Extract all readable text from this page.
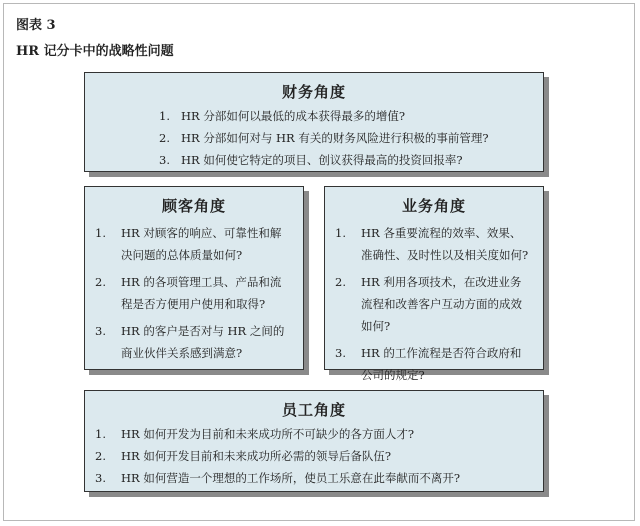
图表 3
HR 记分卡中的战略性问题
财务角度
1. HR 分部如何以最低的成本获得最多的增值?
2. HR 分部如何对与 HR 有关的财务风险进行积极的事前管理?
3. HR 如何使它特定的项目、创议获得最高的投资回报率?
顾客角度
1.	HR 对顾客的响应、可靠性和解决问题的总体质量如何?
2.	HR 的各项管理工具、产品和流程是否方便用户使用和取得?
3.	HR 的客户是否对与 HR 之间的商业伙伴关系感到满意?
业务角度
1.	HR 各重要流程的效率、效果、准确性、及时性以及相关度如何?
2.	HR 利用各项技术，在改进业务流程和改善客户互动方面的成效如何?
3.	HR 的工作流程是否符合政府和公司的规定?
员工角度
1.	HR 如何开发为目前和未来成功所不可缺少的各方面人才?
2.	HR 如何开发目前和未来成功所必需的领导后备队伍?
3.	HR 如何营造一个理想的工作场所，使员工乐意在此奉献而不离开?
